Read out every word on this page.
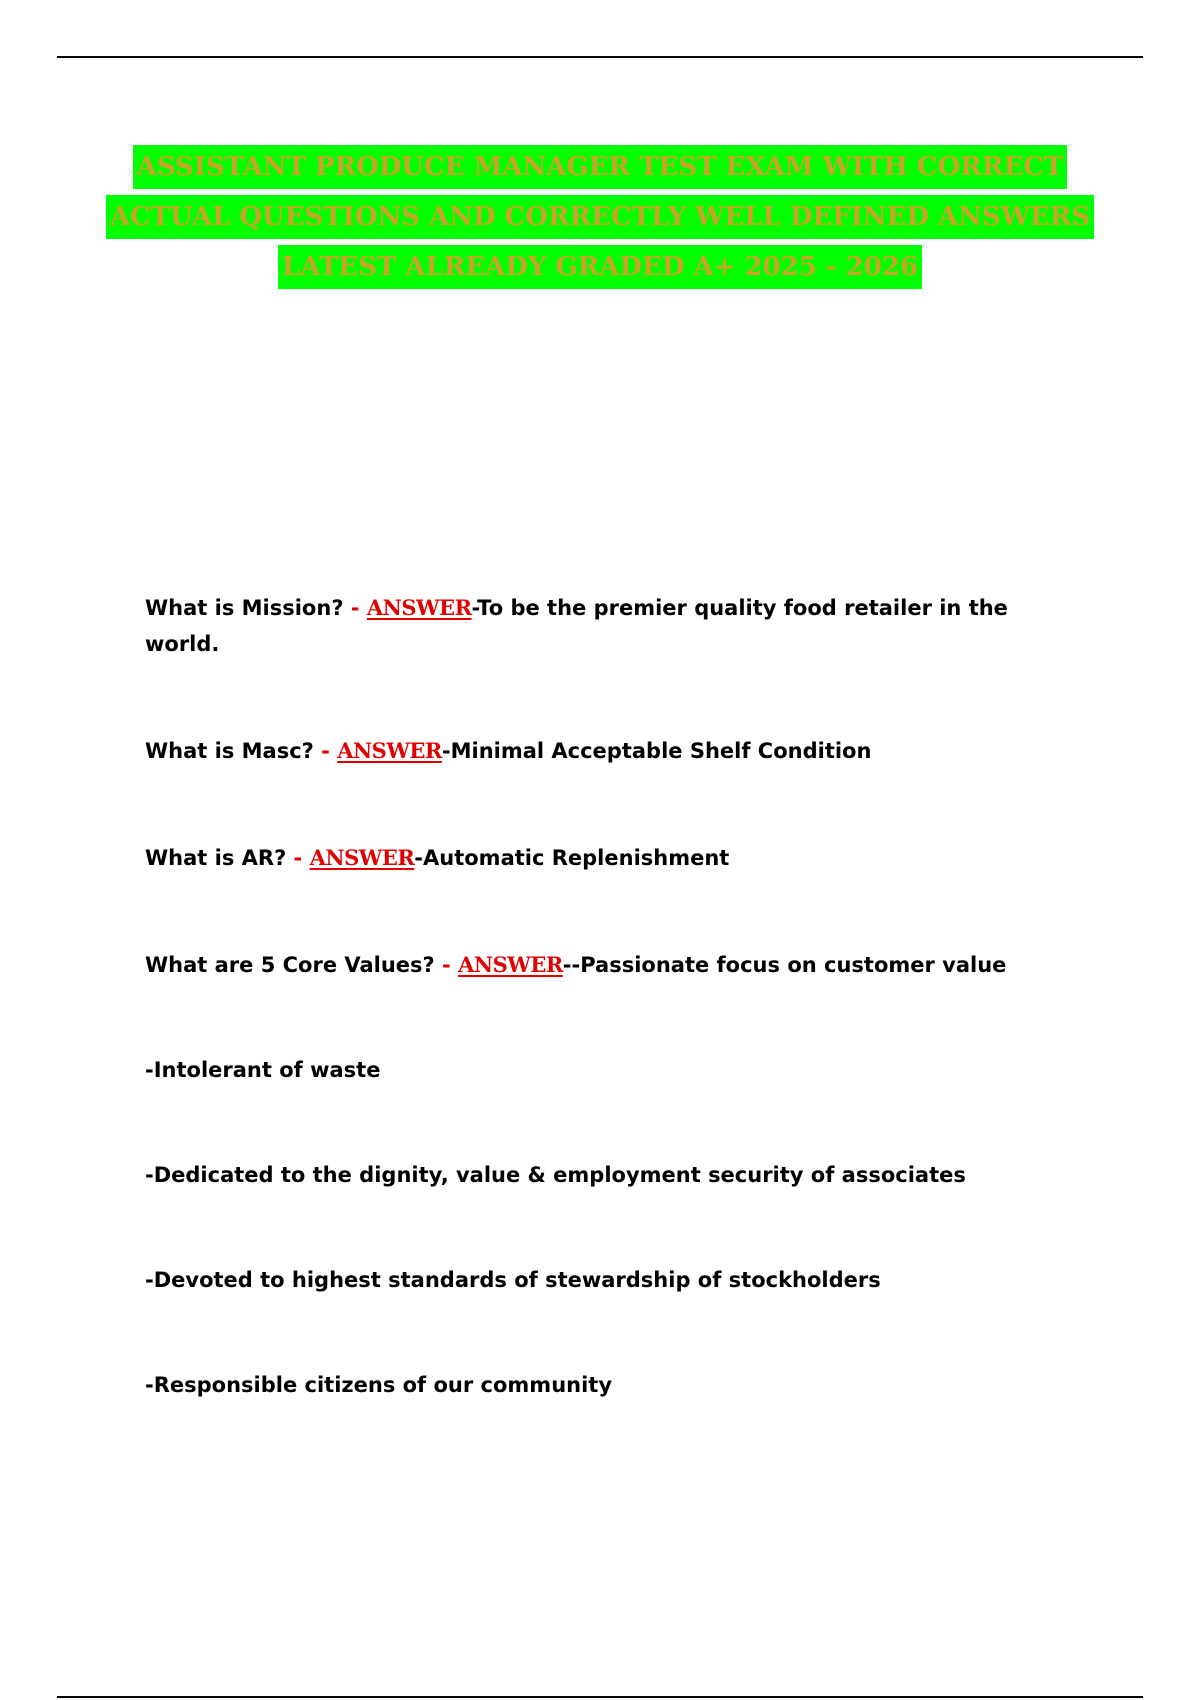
ASSISTANT PRODUCE MANAGER TEST EXAM WITH CORRECT
ACTUAL QUESTIONS AND CORRECTLY WELL DEFINED ANSWERS
LATEST ALREADY GRADED A+ 2025 - 2026
What is Mission? - ANSWER-To be the premier quality food retailer in the world.
What is Masc? - ANSWER-Minimal Acceptable Shelf Condition
What is AR? - ANSWER-Automatic Replenishment
What are 5 Core Values? - ANSWER--Passionate focus on customer value
-Intolerant of waste
-Dedicated to the dignity, value & employment security of associates
-Devoted to highest standards of stewardship of stockholders
-Responsible citizens of our community
